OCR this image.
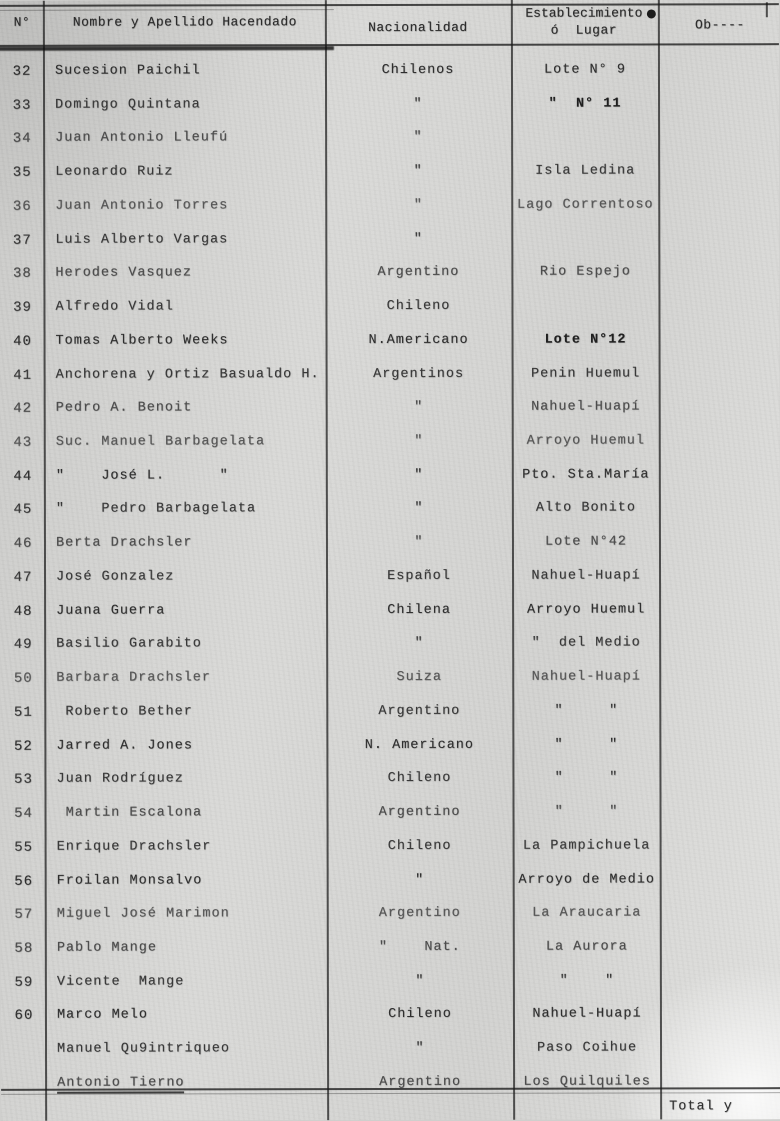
N°	Nombre y Apellido Hacendado	Nacionalidad
Establecimiento
ó  Lugar	Ob----
32	Sucesion Paichil	Chilenos	Lote N° 9
33	Domingo Quintana	"	"  N° 11
34	Juan Antonio Lleufú	"
35	Leonardo Ruiz	"	Isla Ledina
36	Juan Antonio Torres	"	Lago Correntoso
37	Luis Alberto Vargas	"
38	Herodes Vasquez	Argentino	Rio Espejo
39	Alfredo Vidal	Chileno
40	Tomas Alberto Weeks	N.Americano	Lote N°12
41	Anchorena y Ortiz Basualdo H.	Argentinos	Penin Huemul
42	Pedro A. Benoit	"	Nahuel-Huapí
43	Suc. Manuel Barbagelata	"	Arroyo Huemul
44	"    José L.      "	"	Pto. Sta.María
45	"    Pedro Barbagelata	"	Alto Bonito
46	Berta Drachsler	"	Lote N°42
47	José Gonzalez	Español	Nahuel-Huapí
48	Juana Guerra	Chilena	Arroyo Huemul
49	Basilio Garabito	"	"  del Medio
50	Barbara Drachsler	Suiza	Nahuel-Huapí
51	Roberto Bether	Argentino	"     "
52	Jarred A. Jones	N. Americano	"     "
53	Juan Rodríguez	Chileno	"     "
54	Martin Escalona	Argentino	"     "
55	Enrique Drachsler	Chileno	La Pampichuela
56	Froilan Monsalvo	"	Arroyo de Medio
57	Miguel José Marimon	Argentino	La Araucaria
58	Pablo Mange	"    Nat.	La Aurora
59	Vicente  Mange	"	"    "
60	Marco Melo	Chileno	Nahuel-Huapí
Manuel Qu9intriqueo	"	Paso Coihue
Antonio Tierno	Argentino	Los Quilquiles
Total y
